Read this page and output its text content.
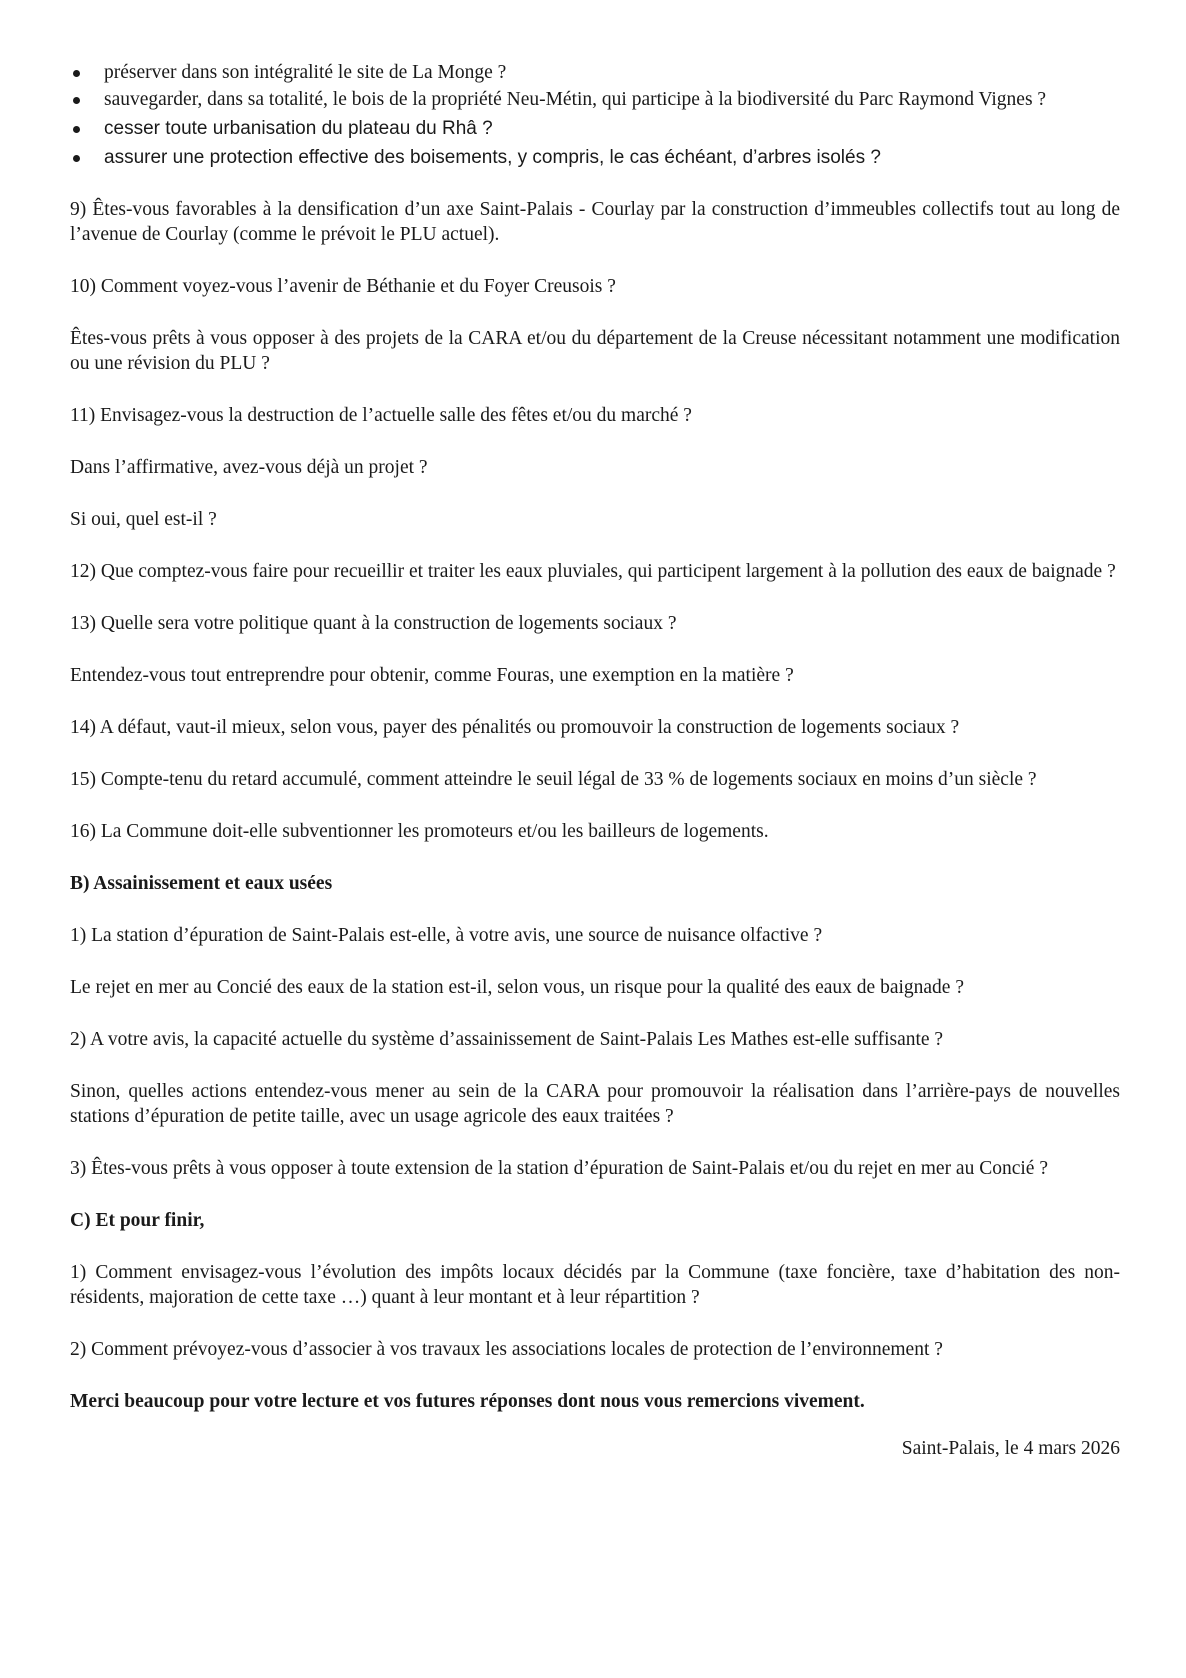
préserver dans son intégralité le site de La Monge ?
sauvegarder, dans sa totalité, le bois de la propriété Neu-Métin, qui participe à la biodiversité du Parc Raymond Vignes ?
cesser toute urbanisation du plateau du Rhâ ?
assurer une protection effective des boisements, y compris, le cas échéant, d’arbres isolés ?

9) Êtes-vous favorables à la densification d’un axe Saint-Palais - Courlay par la construction d’immeubles collectifs tout au long de l’avenue de Courlay (comme le prévoit le PLU actuel).

10) Comment voyez-vous l’avenir de Béthanie et du Foyer Creusois ?

Êtes-vous prêts à vous opposer à des projets de la CARA et/ou du département de la Creuse nécessitant notamment une modification ou une révision du PLU ?

11) Envisagez-vous la destruction de l’actuelle salle des fêtes et/ou du marché ?

Dans l’affirmative, avez-vous déjà un projet ?

Si oui, quel est-il ?

12) Que comptez-vous faire pour recueillir et traiter les eaux pluviales, qui participent largement à la pollution des eaux de baignade ?

13) Quelle sera votre politique quant à la construction de logements sociaux ?

Entendez-vous tout entreprendre pour obtenir, comme Fouras, une exemption en la matière ?

14) A défaut, vaut-il mieux, selon vous, payer des pénalités ou promouvoir la construction de logements sociaux ?

15) Compte-tenu du retard accumulé, comment atteindre le seuil légal de 33 % de logements sociaux en moins d’un siècle ?

16) La Commune doit-elle subventionner les promoteurs et/ou les bailleurs de logements.

B) Assainissement et eaux usées

1) La station d’épuration de Saint-Palais est-elle, à votre avis, une source de nuisance olfactive ?

Le rejet en mer au Concié des eaux de la station est-il, selon vous, un risque pour la qualité des eaux de baignade ?

2) A votre avis, la capacité actuelle du système d’assainissement de Saint-Palais Les Mathes est-elle suffisante ?

Sinon, quelles actions entendez-vous mener au sein de la CARA pour promouvoir la réalisation dans l’arrière-pays de nouvelles stations d’épuration de petite taille, avec un usage agricole des eaux traitées ?

3) Êtes-vous prêts à vous opposer à toute extension de la station d’épuration de Saint-Palais et/ou du rejet en mer au Concié ?

C) Et pour finir,

1) Comment envisagez-vous l’évolution des impôts locaux décidés par la Commune (taxe foncière, taxe d’habitation des non-résidents, majoration de cette taxe …) quant à leur montant et à leur répartition ?

2) Comment prévoyez-vous d’associer à vos travaux les associations locales de protection de l’environnement ?

Merci beaucoup pour votre lecture et vos futures réponses dont nous vous remercions vivement.

Saint-Palais, le 4 mars 2026
